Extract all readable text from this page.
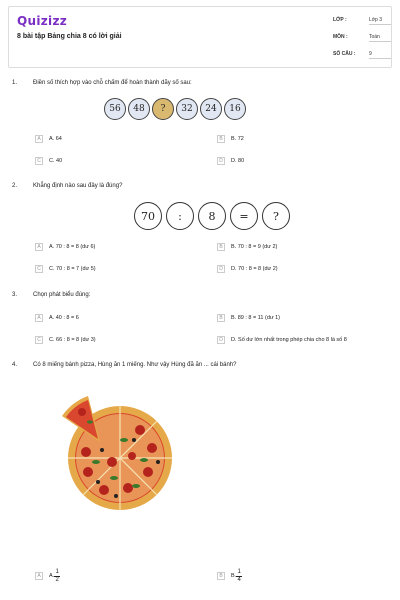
Quizizz
8 bài tập Bảng chia 8 có lời giải
LỚP :	Lớp 3
MÔN :	Toán
SỐ CÂU :	9
1.	Điền số thích hợp vào chỗ chấm để hoàn thành dãy số sau:
56	48	?	32	24	16
A	A. 64	B	B. 72
C	C. 40	D	D. 80
2.	Khẳng định nào sau đây là đúng?
70	:	8	=	?
A	A. 70 : 8 = 8 (dư 6)	B	B. 70 : 8 = 9 (dư 2)
C	C. 70 : 8 = 7 (dư 5)	D	D. 70 : 8 = 8 (dư 2)
3.	Chọn phát biểu đúng:
A	A. 40 : 8 = 6	B	B. 89 : 8 = 11 (dư 1)
C	C. 66 : 8 = 8 (dư 3)	D	D. Số dư lớn nhất trong phép chia cho 8 là số 8
4.	Có 8 miếng bánh pizza, Hùng ăn 1 miếng. Như vậy Hùng đã ăn ... cái bánh?
A	A. $\frac{1}{2}$	B	B. $\frac{1}{4}$
